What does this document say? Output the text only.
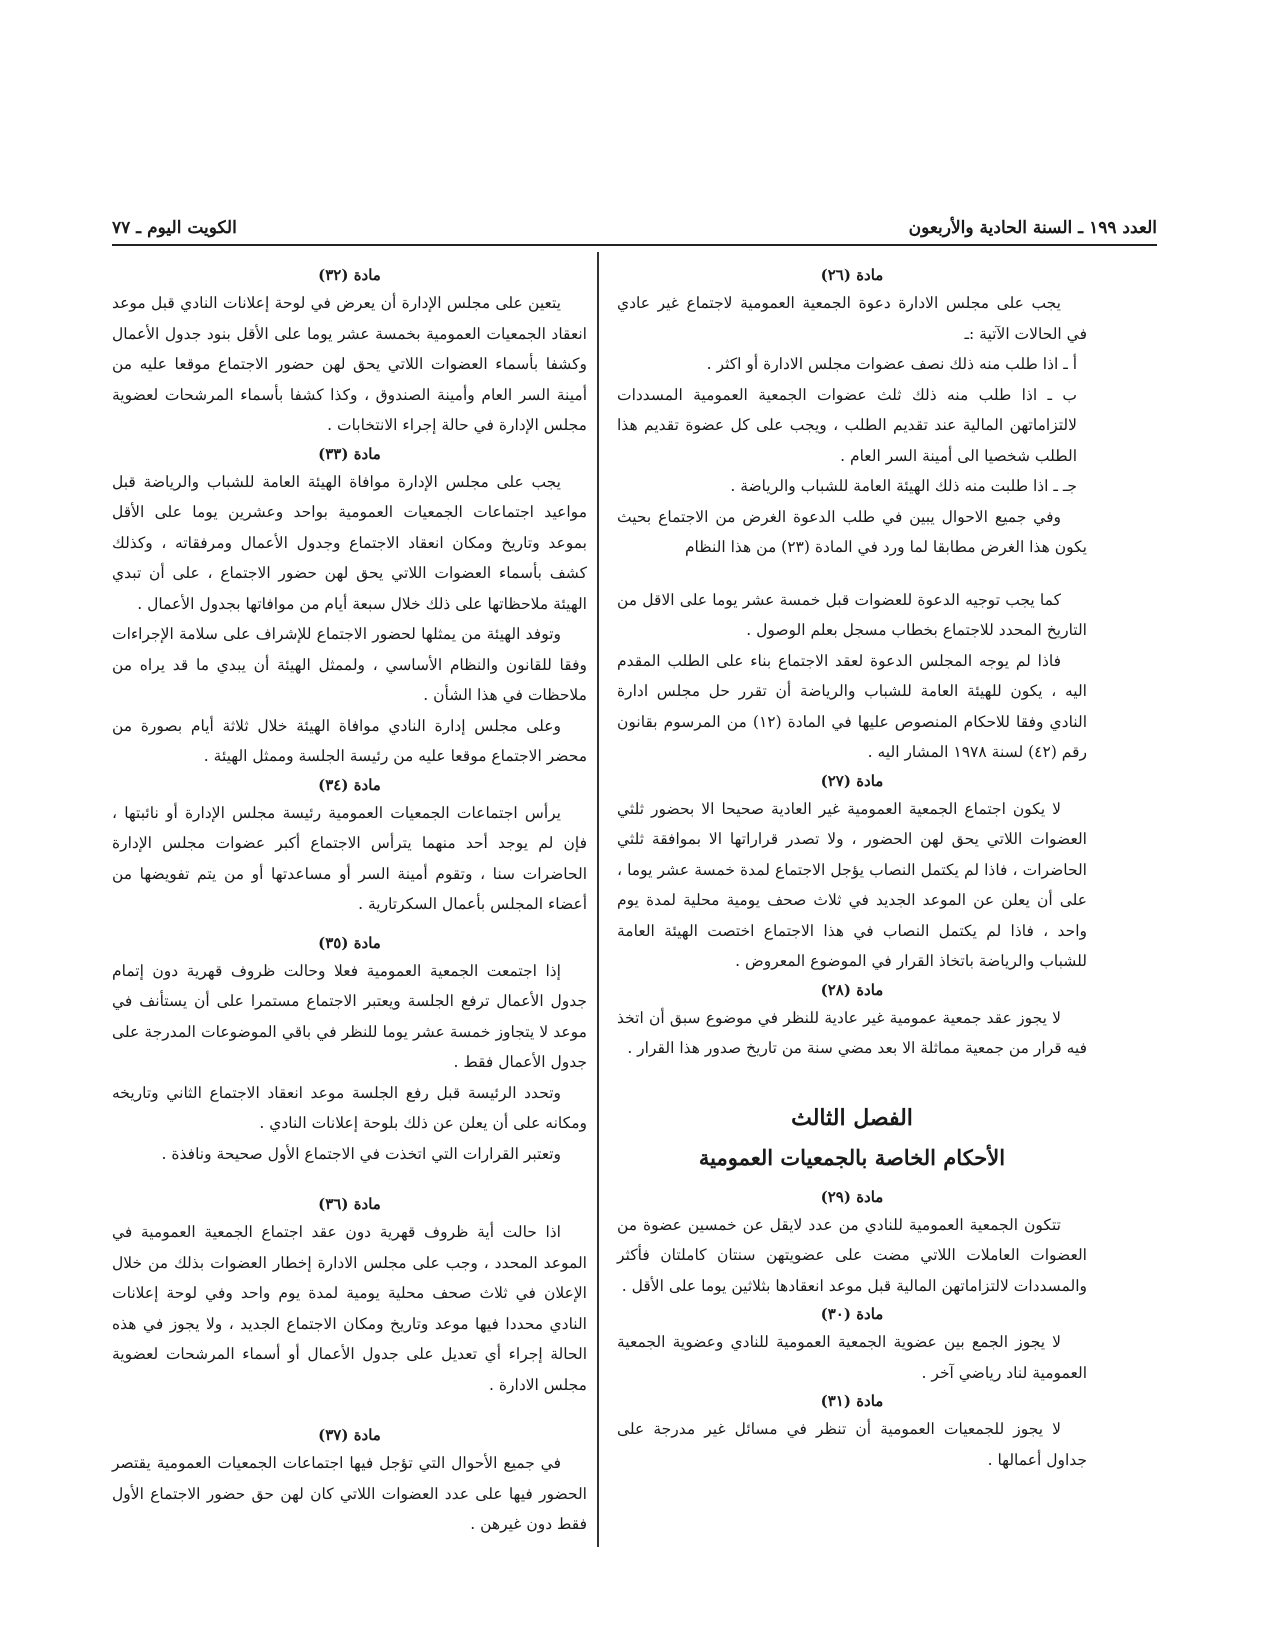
العدد ١٩٩ ـ السنة الحادية والأربعون
الكويت اليوم ـ ٧٧

مادة (٢٦)

يجب على مجلس الادارة دعوة الجمعية العمومية لاجتماع غير عادي في الحالات الآتية :ـ

أ ـ اذا طلب منه ذلك نصف عضوات مجلس الادارة أو اكثر .

ب ـ اذا طلب منه ذلك ثلث عضوات الجمعية العمومية المسددات لالتزاماتهن المالية عند تقديم الطلب ، ويجب على كل عضوة تقديم هذا الطلب شخصيا الى أمينة السر العام .

جـ ـ اذا طلبت منه ذلك الهيئة العامة للشباب والرياضة .

وفي جميع الاحوال يبين في طلب الدعوة الغرض من الاجتماع بحيث يكون هذا الغرض مطابقا لما ورد في المادة (٢٣) من هذا النظام

كما يجب توجيه الدعوة للعضوات قبل خمسة عشر يوما على الاقل من التاريخ المحدد للاجتماع بخطاب مسجل بعلم الوصول .

فاذا لم يوجه المجلس الدعوة لعقد الاجتماع بناء على الطلب المقدم اليه ، يكون للهيئة العامة للشباب والرياضة أن تقرر حل مجلس ادارة النادي وفقا للاحكام المنصوص عليها في المادة (١٢) من المرسوم بقانون رقم (٤٢) لسنة ١٩٧٨ المشار اليه .

مادة (٢٧)

لا يكون اجتماع الجمعية العمومية غير العادية صحيحا الا بحضور ثلثي العضوات اللاتي يحق لهن الحضور ، ولا تصدر قراراتها الا بموافقة ثلثي الحاضرات ، فاذا لم يكتمل النصاب يؤجل الاجتماع لمدة خمسة عشر يوما ، على أن يعلن عن الموعد الجديد في ثلاث صحف يومية محلية لمدة يوم واحد ، فاذا لم يكتمل النصاب في هذا الاجتماع اختصت الهيئة العامة للشباب والرياضة باتخاذ القرار في الموضوع المعروض .

مادة (٢٨)

لا يجوز عقد جمعية عمومية غير عادية للنظر في موضوع سبق أن اتخذ فيه قرار من جمعية مماثلة الا بعد مضي سنة من تاريخ صدور هذا القرار .

الفصل الثالث

الأحكام الخاصة بالجمعيات العمومية

مادة (٢٩)

تتكون الجمعية العمومية للنادي من عدد لايقل عن خمسين عضوة من العضوات العاملات اللاتي مضت على عضويتهن سنتان كاملتان فأكثر والمسددات لالتزاماتهن المالية قبل موعد انعقادها بثلاثين يوما على الأقل .

مادة (٣٠)

لا يجوز الجمع بين عضوية الجمعية العمومية للنادي وعضوية الجمعية العمومية لناد رياضي آخر .

مادة (٣١)

لا يجوز للجمعيات العمومية أن تنظر في مسائل غير مدرجة على جداول أعمالها .

مادة (٣٢)

يتعين على مجلس الإدارة أن يعرض في لوحة إعلانات النادي قبل موعد انعقاد الجمعيات العمومية بخمسة عشر يوما على الأقل بنود جدول الأعمال وكشفا بأسماء العضوات اللاتي يحق لهن حضور الاجتماع موقعا عليه من أمينة السر العام وأمينة الصندوق ، وكذا كشفا بأسماء المرشحات لعضوية مجلس الإدارة في حالة إجراء الانتخابات .

مادة (٣٣)

يجب على مجلس الإدارة موافاة الهيئة العامة للشباب والرياضة قبل مواعيد اجتماعات الجمعيات العمومية بواحد وعشرين يوما على الأقل بموعد وتاريخ ومكان انعقاد الاجتماع وجدول الأعمال ومرفقاته ، وكذلك كشف بأسماء العضوات اللاتي يحق لهن حضور الاجتماع ، على أن تبدي الهيئة ملاحظاتها على ذلك خلال سبعة أيام من موافاتها بجدول الأعمال .

وتوفد الهيئة من يمثلها لحضور الاجتماع للإشراف على سلامة الإجراءات وفقا للقانون والنظام الأساسي ، ولممثل الهيئة أن يبدي ما قد يراه من ملاحظات في هذا الشأن .

وعلى مجلس إدارة النادي موافاة الهيئة خلال ثلاثة أيام بصورة من محضر الاجتماع موقعا عليه من رئيسة الجلسة وممثل الهيئة .

مادة (٣٤)

يرأس اجتماعات الجمعيات العمومية رئيسة مجلس الإدارة أو نائبتها ، فإن لم يوجد أحد منهما يترأس الاجتماع أكبر عضوات مجلس الإدارة الحاضرات سنا ، وتقوم أمينة السر أو مساعدتها أو من يتم تفويضها من أعضاء المجلس بأعمال السكرتارية .

مادة (٣٥)

إذا اجتمعت الجمعية العمومية فعلا وحالت ظروف قهرية دون إتمام جدول الأعمال ترفع الجلسة ويعتبر الاجتماع مستمرا على أن يستأنف في موعد لا يتجاوز خمسة عشر يوما للنظر في باقي الموضوعات المدرجة على جدول الأعمال فقط .

وتحدد الرئيسة قبل رفع الجلسة موعد انعقاد الاجتماع الثاني وتاريخه ومكانه على أن يعلن عن ذلك بلوحة إعلانات النادي .

وتعتبر القرارات التي اتخذت في الاجتماع الأول صحيحة ونافذة .

مادة (٣٦)

اذا حالت أية ظروف قهرية دون عقد اجتماع الجمعية العمومية في الموعد المحدد ، وجب على مجلس الادارة إخطار العضوات بذلك من خلال الإعلان في ثلاث صحف محلية يومية لمدة يوم واحد وفي لوحة إعلانات النادي محددا فيها موعد وتاريخ ومكان الاجتماع الجديد ، ولا يجوز في هذه الحالة إجراء أي تعديل على جدول الأعمال أو أسماء المرشحات لعضوية مجلس الادارة .

مادة (٣٧)

في جميع الأحوال التي تؤجل فيها اجتماعات الجمعيات العمومية يقتصر الحضور فيها على عدد العضوات اللاتي كان لهن حق حضور الاجتماع الأول فقط دون غيرهن .
